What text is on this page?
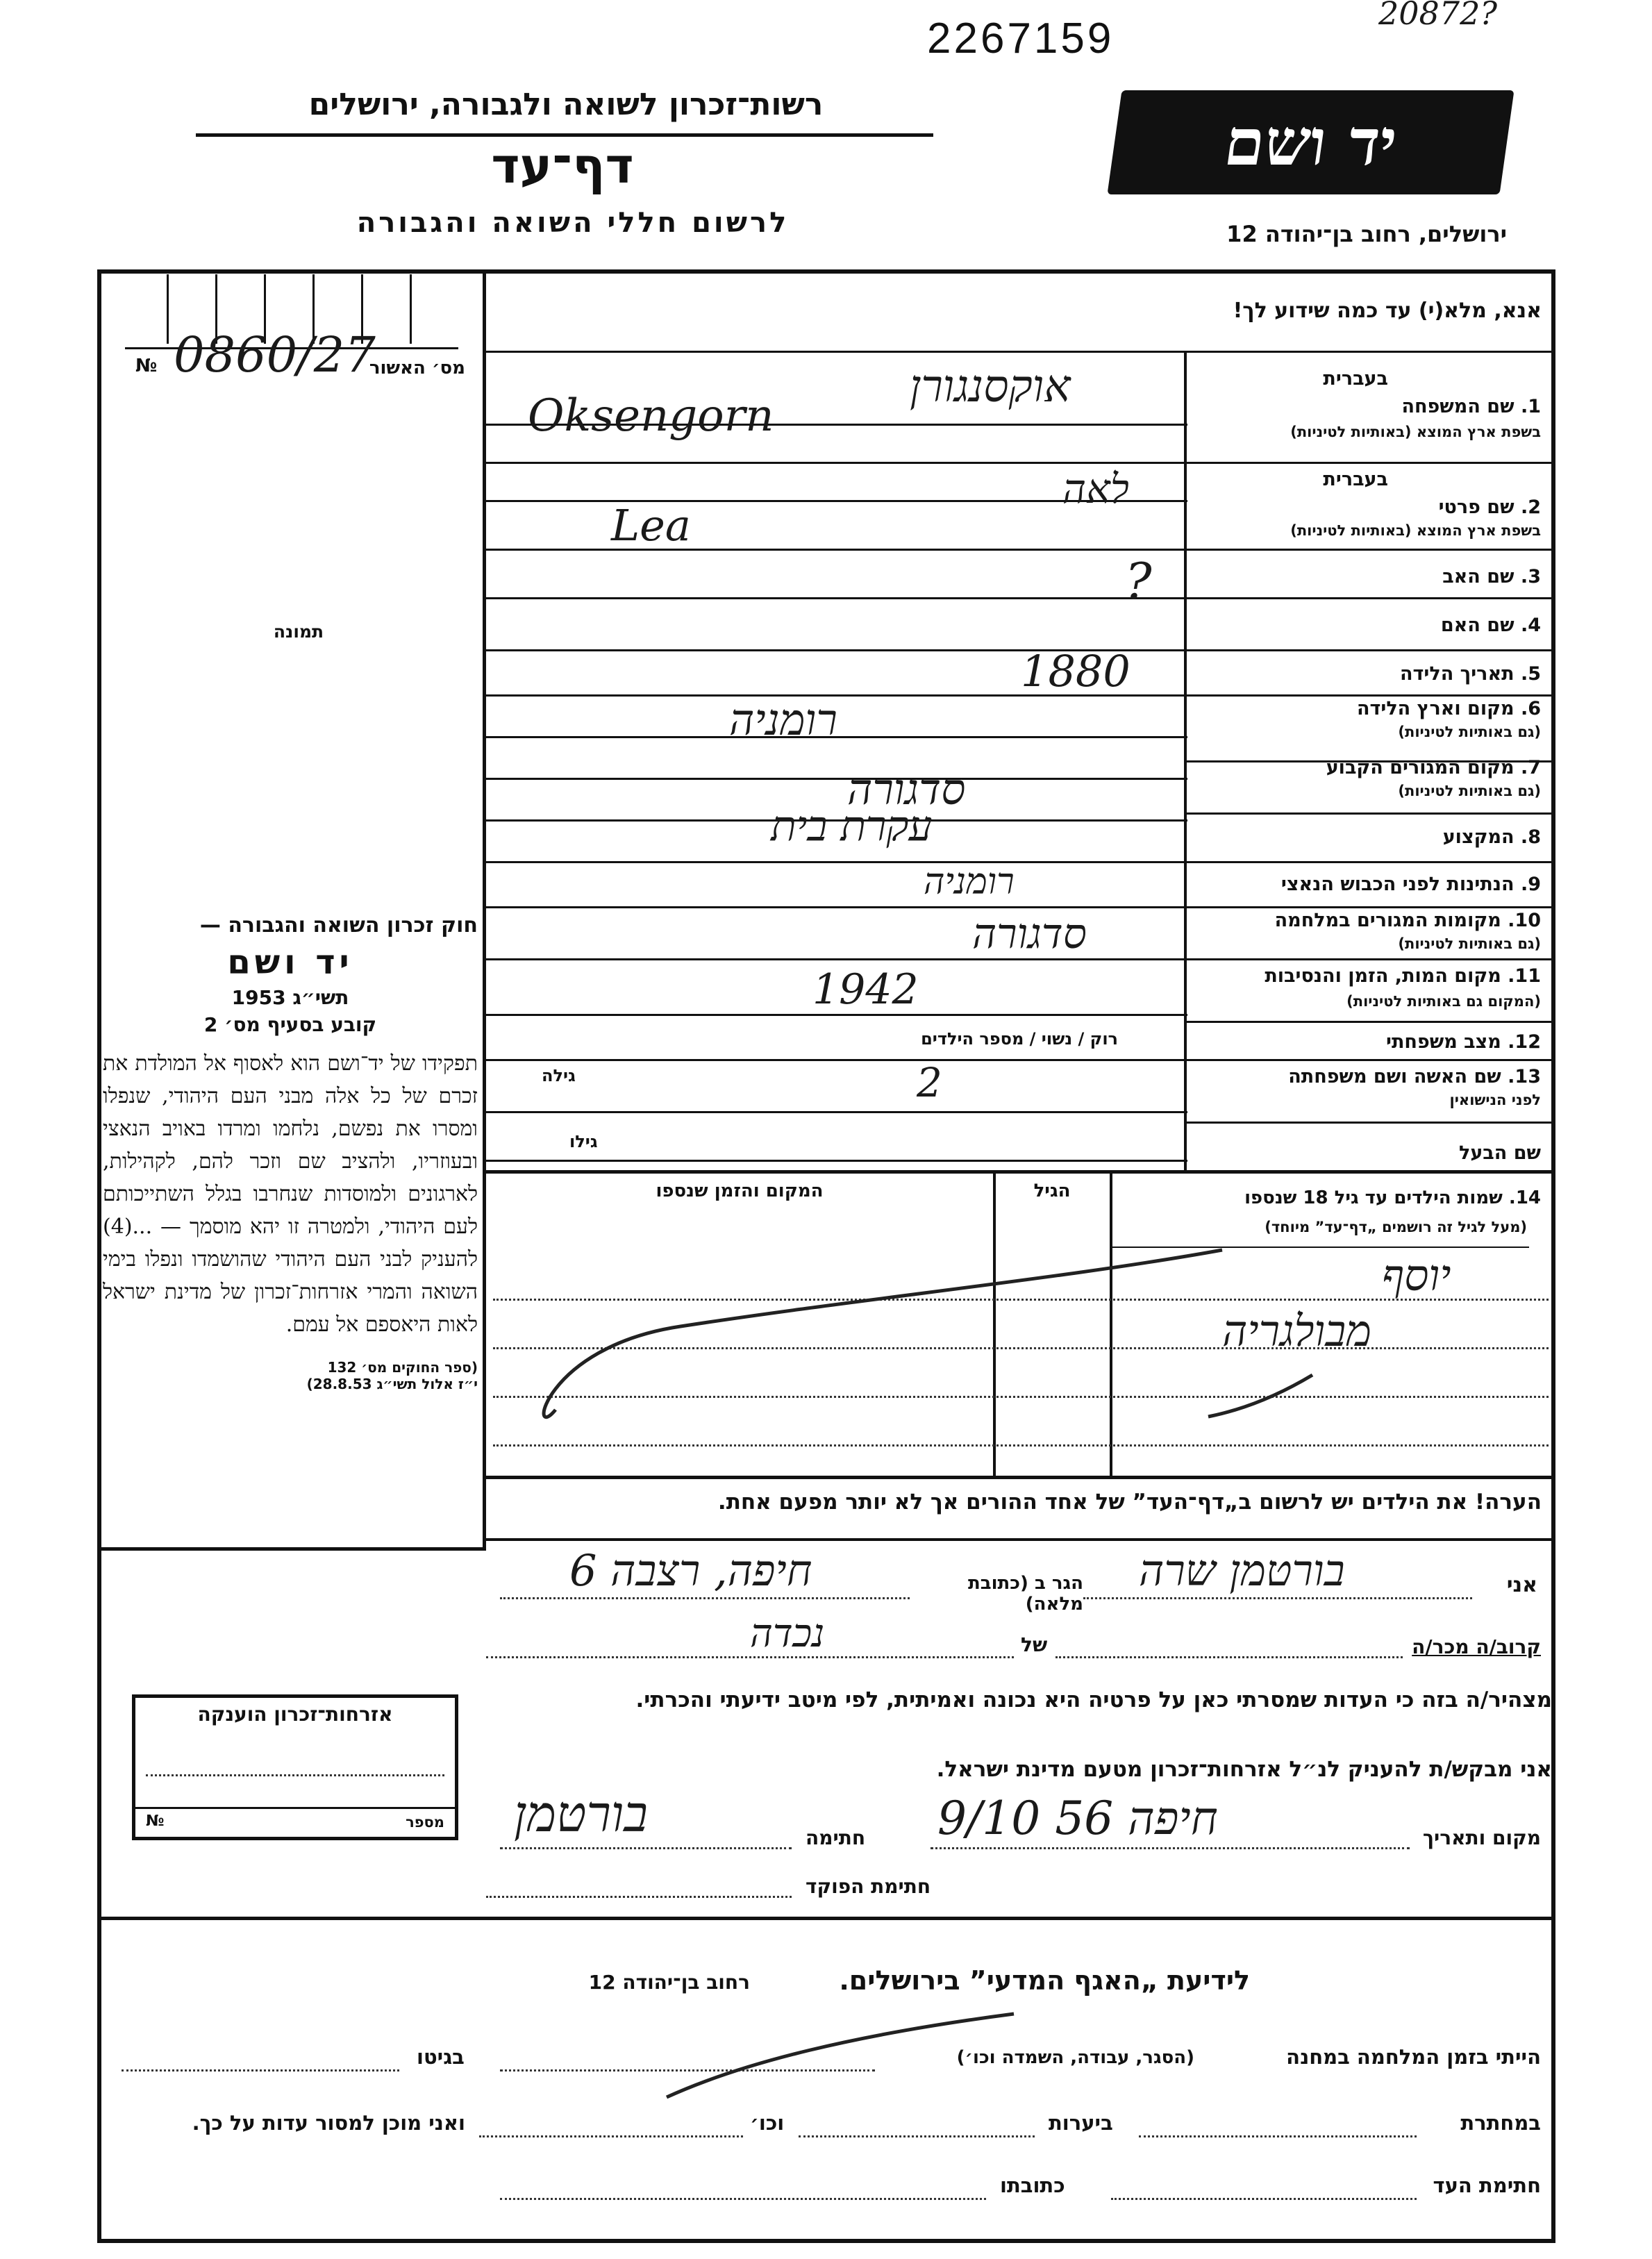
2267159
20872?
רשות־זכרון לשואה ולגבורה, ירושלים
דף־עד
לרשום חללי השואה והגבורה
יד ושם
ירושלים, רחוב בן־יהודה 12
№ 0860/27
מס׳ האשור
תמונה

חוק זכרון השואה והגבורה —

יד ושם

תשי״ג 1953

קובע בסעיף מס׳ 2

תפקידו של יד־ושם הוא לאסוף אל המולדת את זכרם של כל אלה מבני העם היהודי, שנפלו ומסרו את נפשם, נלחמו ומרדו באויב הנאצי ובעוזריו, ולהציב שם וזכר להם, לקהילות, לארגונים ולמוסדות שנחרבו בגלל השתייכותם לעם היהודי, ולמטרה זו יהא מוסמך — ...(4) להעניק לבני העם היהודי שהושמדו ונפלו בימי השואה והמרי אזרחות־זכרון של מדינת ישראל לאות היאספם אל עמם.

(ספר החוקים מס׳ 132

י״ז אלול תשי״ג 28.8.53)

אזרחות־זכרון הוענקה
מספר
№
אנא, מלא(י) עד כמה שידוע לך!
בעברית
1. שם המשפחה
בשפת ארץ המוצא (באותיות לטיניות)
בעברית
2. שם פרטי
בשפת ארץ המוצא (באותיות לטיניות)
3. שם האב
4. שם האם
5. תאריך הלידה
6. מקום וארץ הלידה
(גם באותיות לטיניות)
7. מקום המגורים הקבוע
(גם באותיות לטיניות)
8. המקצוע
9. הנתינות לפני הכבוש הנאצי
10. מקומות המגורים במלחמה
(גם באותיות לטיניות)
11. מקום המות, הזמן והנסיבות
(המקום גם באותיות לטיניות)
12. מצב משפחתי
13. שם האשה ושם משפחתה
לפני הנישואין
שם הבעל
אוקסנגורן
Oksengorn
לאה
Lea
?
1880
רומניה
סדגורה
עקרת בית
רומניה
סדגורה
1942
רוק / נשוי / מספר הילדים
2
גילה
גילו
14. שמות הילדים עד גיל 18 שנספו
(מעל לגיל זה רושמים „דף־עד” מיוחד)
הגיל
המקום והזמן שנספו
יוסף
מבולגריה
הערה! את הילדים יש לרשום ב„דף־העד” של אחד ההורים אך לא יותר מפעם אחת.
אני
בורטמן שרה
הגר ב (כתובת מלאה)
חיפה, רצבה 6
קרוב/ה מכר/ה
של
נכדה
מצהיר/ה בזה כי העדות שמסרתי כאן על פרטיה היא נכונה ואמיתית, לפי מיטב ידיעתי והכרתי.
אני מבקש/ת להעניק לנ״ל אזרחות־זכרון מטעם מדינת ישראל.
מקום ותאריך
חיפה 56 9/10
חתימה
בורטמן
חתימת הפוקד
לידיעת „האגף המדעי” בירושלים.
רחוב בן־יהודה 12
הייתי בזמן המלחמה במחנה
(הסגר, עבודה, השמדה וכו׳)
בגיטו
במחתרת
ביערות
וכו׳
ואני מוכן למסור עדות על כך.
חתימת העד
כתובתו
